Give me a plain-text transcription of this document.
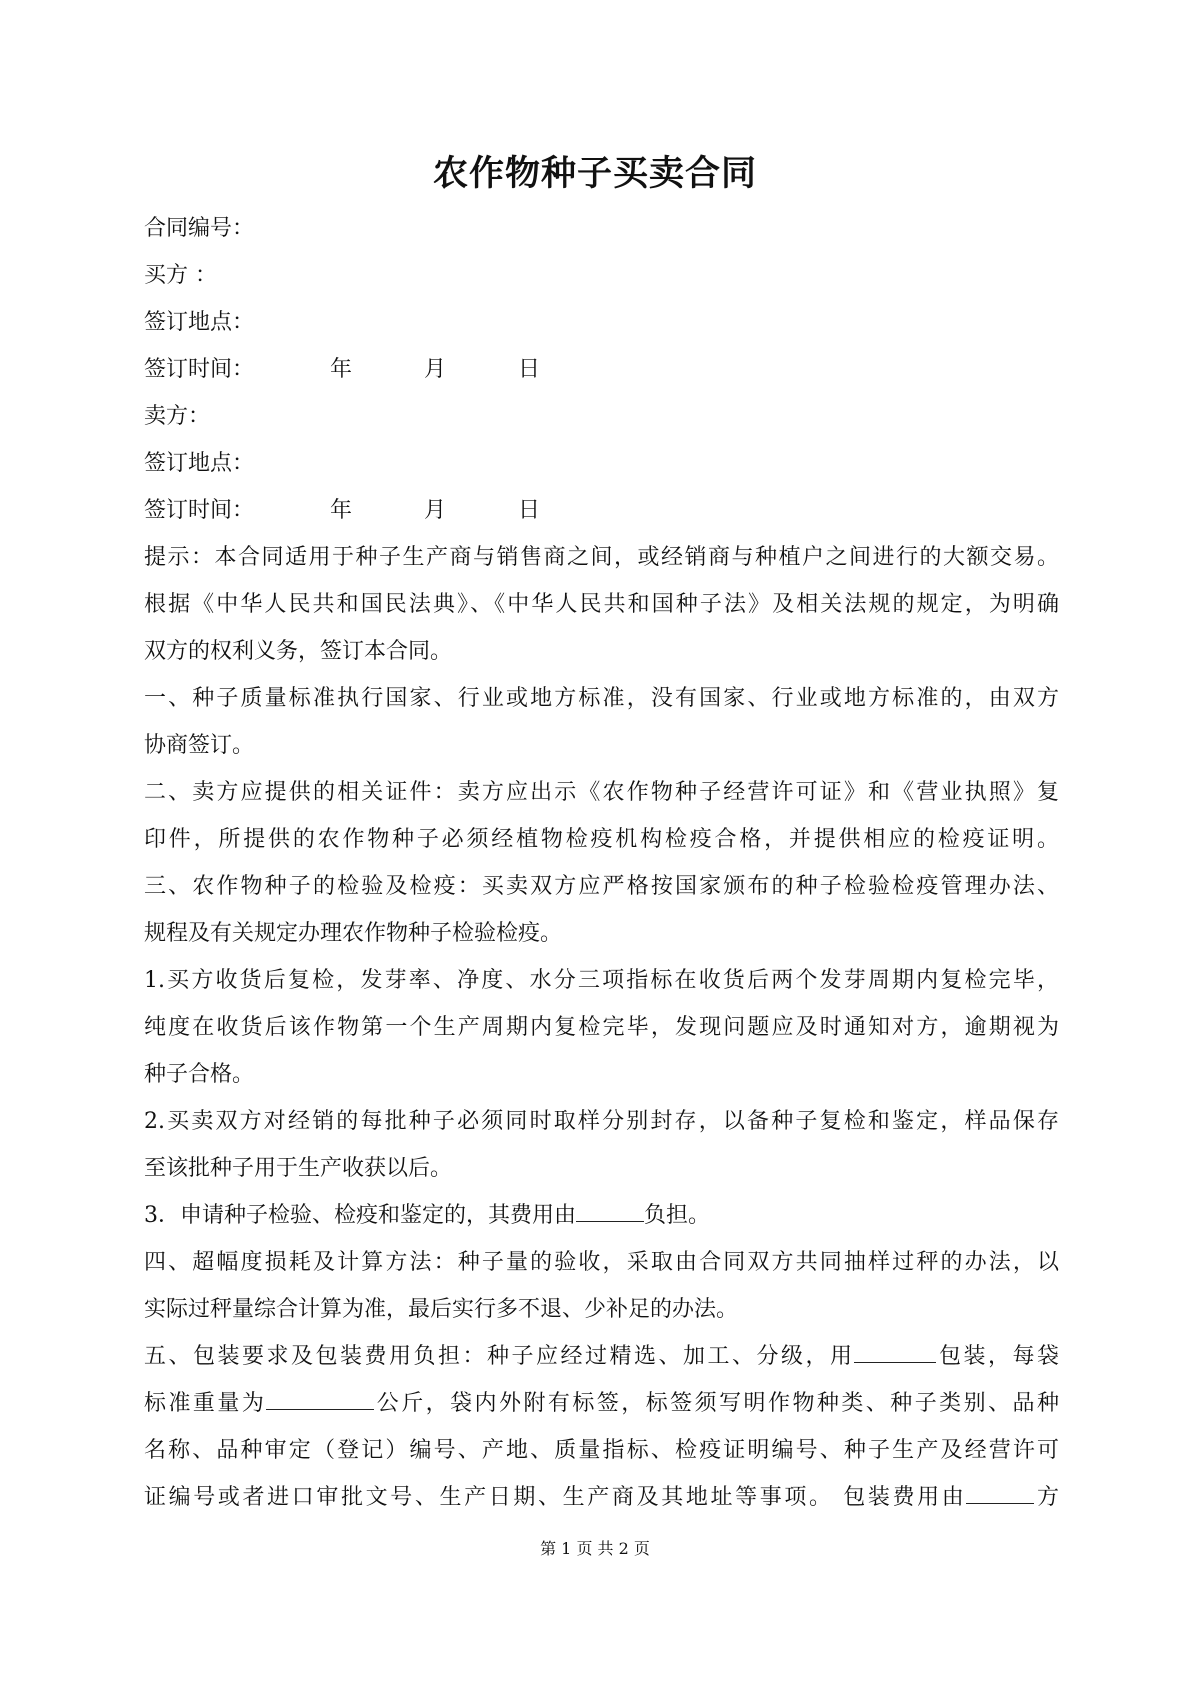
农作物种子买卖合同
合同编号：
买方 ：
签订地点：
签订时间：	年	月	日
卖方：
签订地点：
签订时间：	年	月	日
提示：本合同适用于种子生产商与销售商之间，或经销商与种植户之间进行的大额交易。
根据《中华人民共和国民法典》、《中华人民共和国种子法》及相关法规的规定，为明确
双方的权利义务，签订本合同。
一、种子质量标准执行国家、行业或地方标准，没有国家、行业或地方标准的，由双方
协商签订。
二、卖方应提供的相关证件：卖方应出示《农作物种子经营许可证》和《营业执照》复
印件，所提供的农作物种子必须经植物检疫机构检疫合格，并提供相应的检疫证明。
三、农作物种子的检验及检疫：买卖双方应严格按国家颁布的种子检验检疫管理办法、
规程及有关规定办理农作物种子检验检疫。
1.买方收货后复检，发芽率、净度、水分三项指标在收货后两个发芽周期内复检完毕，
纯度在收货后该作物第一个生产周期内复检完毕，发现问题应及时通知对方，逾期视为
种子合格。
2.买卖双方对经销的每批种子必须同时取样分别封存，以备种子复检和鉴定，样品保存
至该批种子用于生产收获以后。
3．申请种子检验、检疫和鉴定的，其费用由	负担。
四、超幅度损耗及计算方法：种子量的验收，采取由合同双方共同抽样过秤的办法，以
实际过秤量综合计算为准，最后实行多不退、少补足的办法。
五、包装要求及包装费用负担：种子应经过精选、加工、分级，用	包装，每袋
标准重量为	公斤，袋内外附有标签，标签须写明作物种类、种子类别、品种
名称、品种审定（登记）编号、产地、质量指标、检疫证明编号、种子生产及经营许可
证编号或者进口审批文号、生产日期、生产商及其地址等事项。 包装费用由	方
第 1 页 共 2 页
